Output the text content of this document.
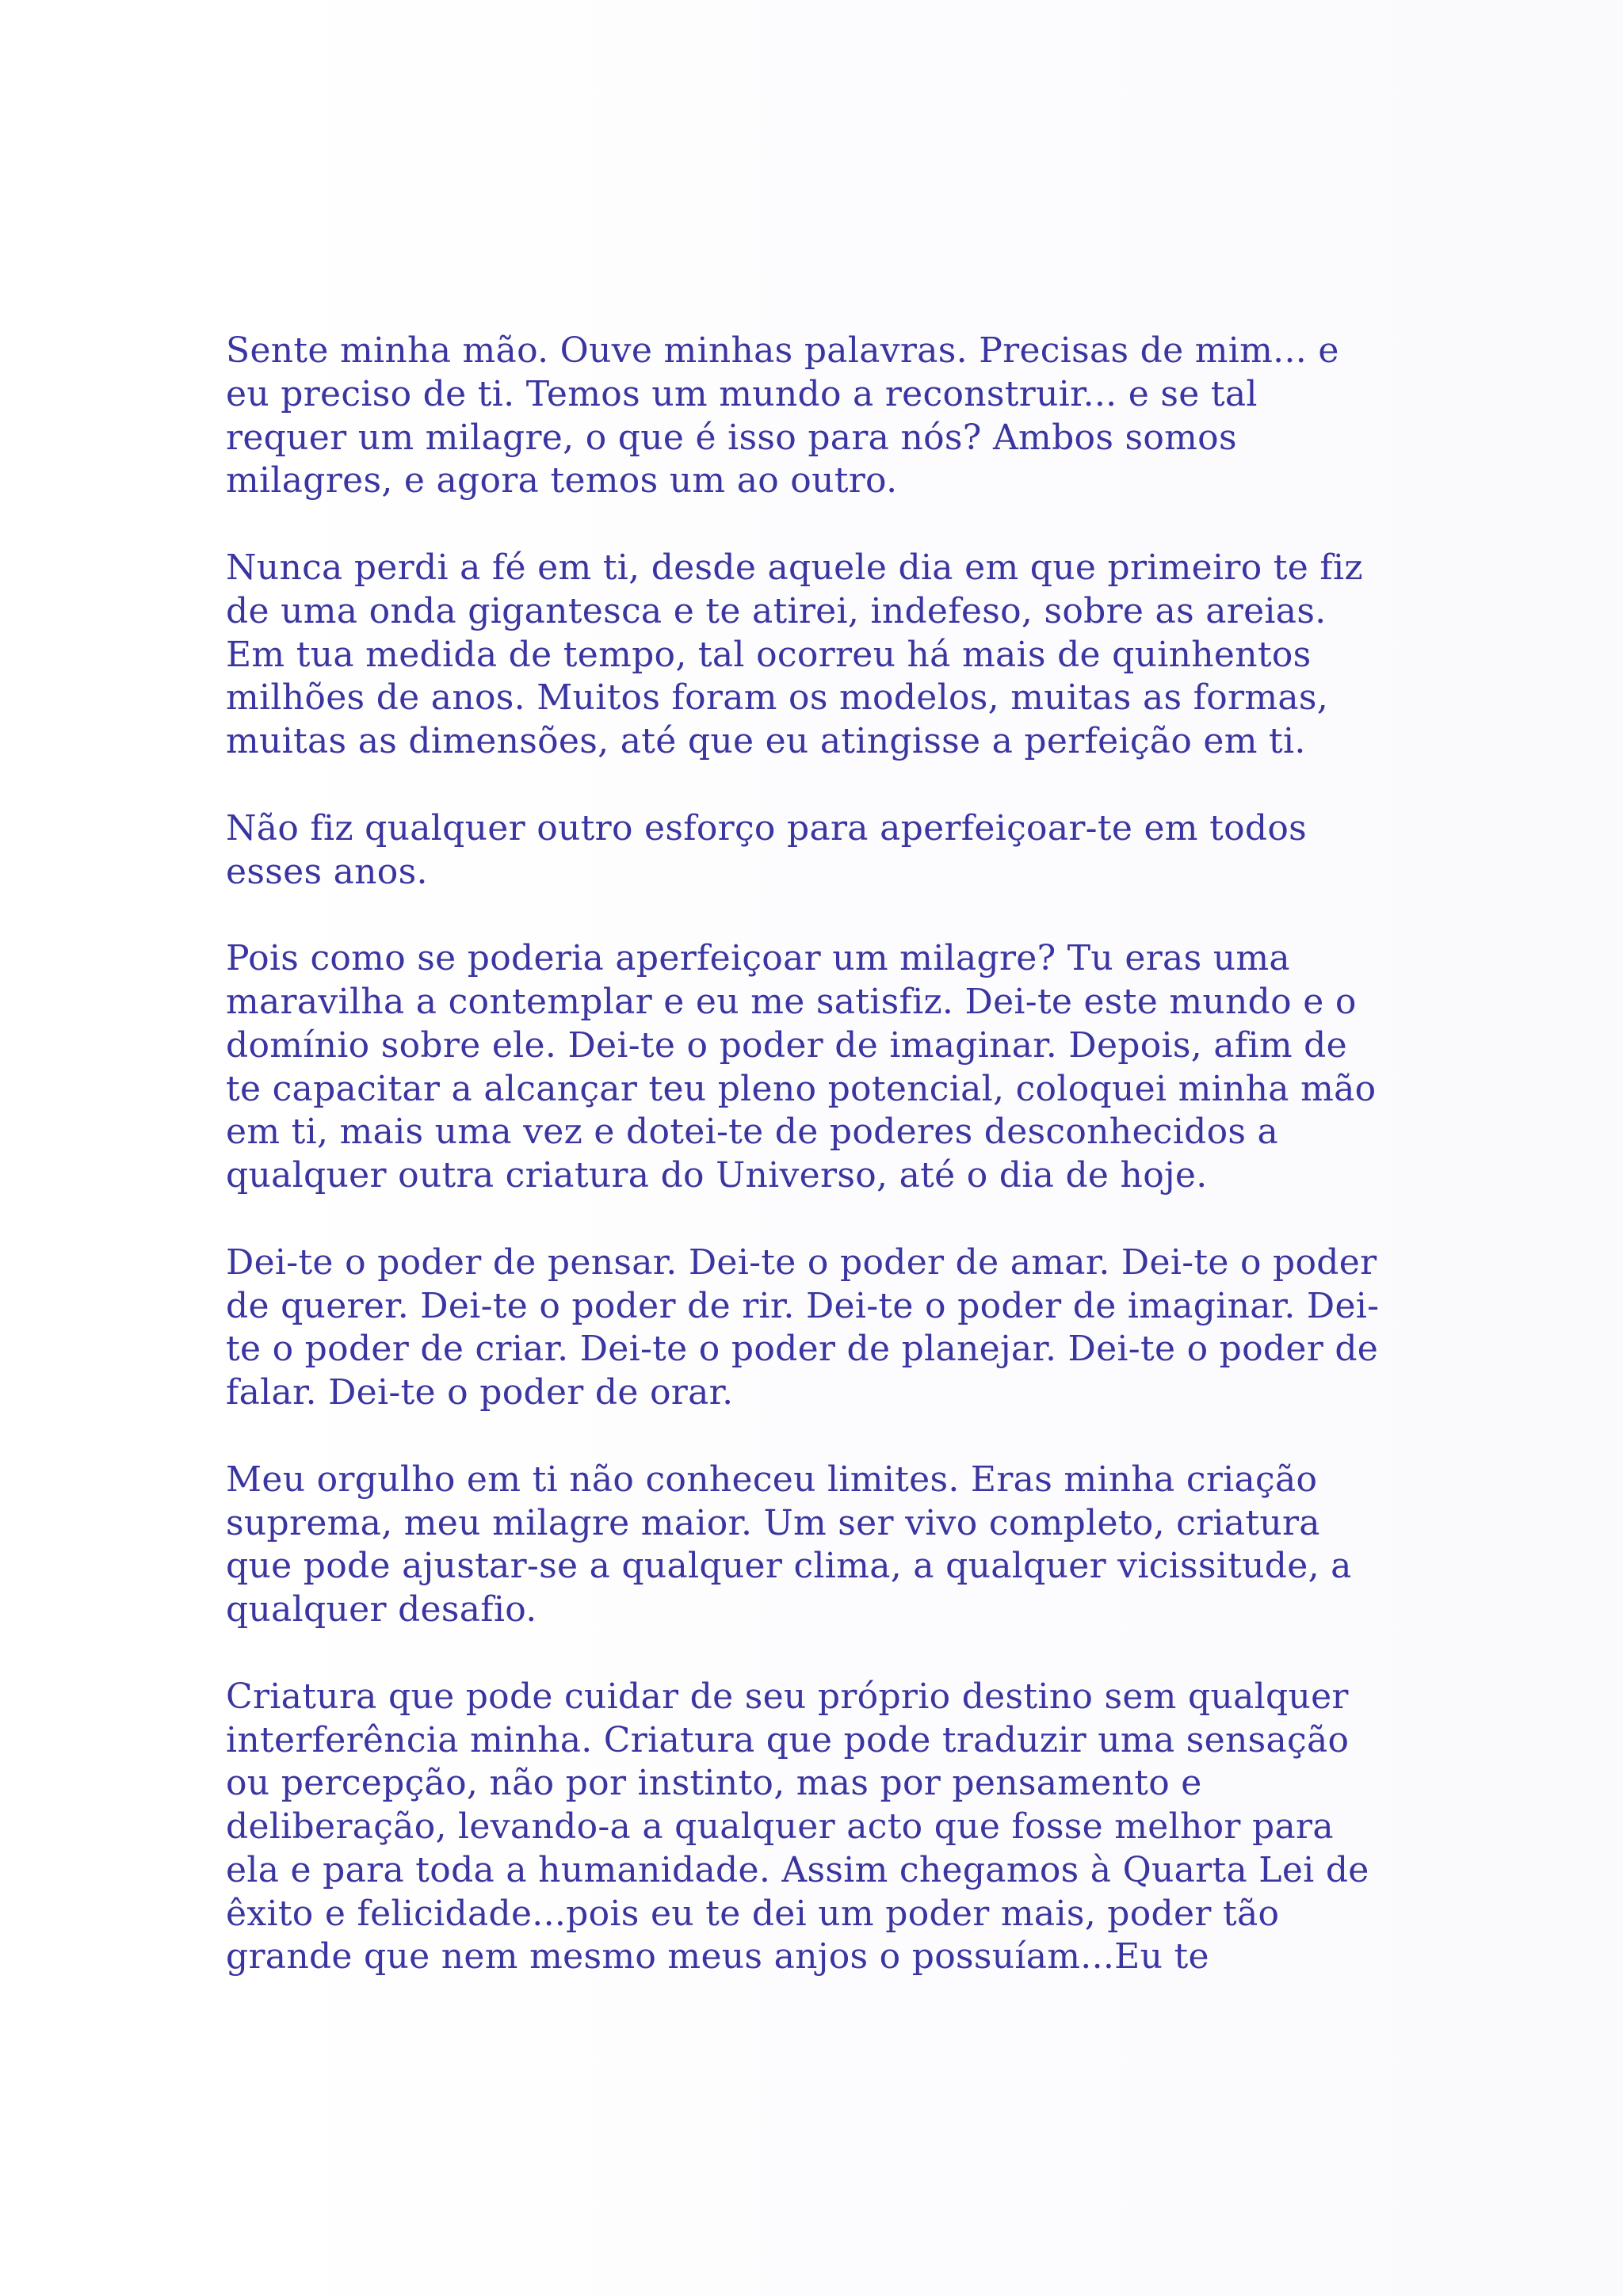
Sente minha mão. Ouve minhas palavras. Precisas de mim... e
eu preciso de ti. Temos um mundo a reconstruir... e se tal
requer um milagre, o que é isso para nós? Ambos somos
milagres, e agora temos um ao outro.
Nunca perdi a fé em ti, desde aquele dia em que primeiro te fiz
de uma onda gigantesca e te atirei, indefeso, sobre as areias.
Em tua medida de tempo, tal ocorreu há mais de quinhentos
milhões de anos. Muitos foram os modelos, muitas as formas,
muitas as dimensões, até que eu atingisse a perfeição em ti.
Não fiz qualquer outro esforço para aperfeiçoar-te em todos
esses anos.
Pois como se poderia aperfeiçoar um milagre? Tu eras uma
maravilha a contemplar e eu me satisfiz. Dei-te este mundo e o
domínio sobre ele. Dei-te o poder de imaginar. Depois, afim de
te capacitar a alcançar teu pleno potencial, coloquei minha mão
em ti, mais uma vez e dotei-te de poderes desconhecidos a
qualquer outra criatura do Universo, até o dia de hoje.
Dei-te o poder de pensar. Dei-te o poder de amar. Dei-te o poder
de querer. Dei-te o poder de rir. Dei-te o poder de imaginar. Dei-
te o poder de criar. Dei-te o poder de planejar. Dei-te o poder de
falar. Dei-te o poder de orar.
Meu orgulho em ti não conheceu limites. Eras minha criação
suprema, meu milagre maior. Um ser vivo completo, criatura
que pode ajustar-se a qualquer clima, a qualquer vicissitude, a
qualquer desafio.
Criatura que pode cuidar de seu próprio destino sem qualquer
interferência minha. Criatura que pode traduzir uma sensação
ou percepção, não por instinto, mas por pensamento e
deliberação, levando-a a qualquer acto que fosse melhor para
ela e para toda a humanidade. Assim chegamos à Quarta Lei de
êxito e felicidade...pois eu te dei um poder mais, poder tão
grande que nem mesmo meus anjos o possuíam...Eu te
